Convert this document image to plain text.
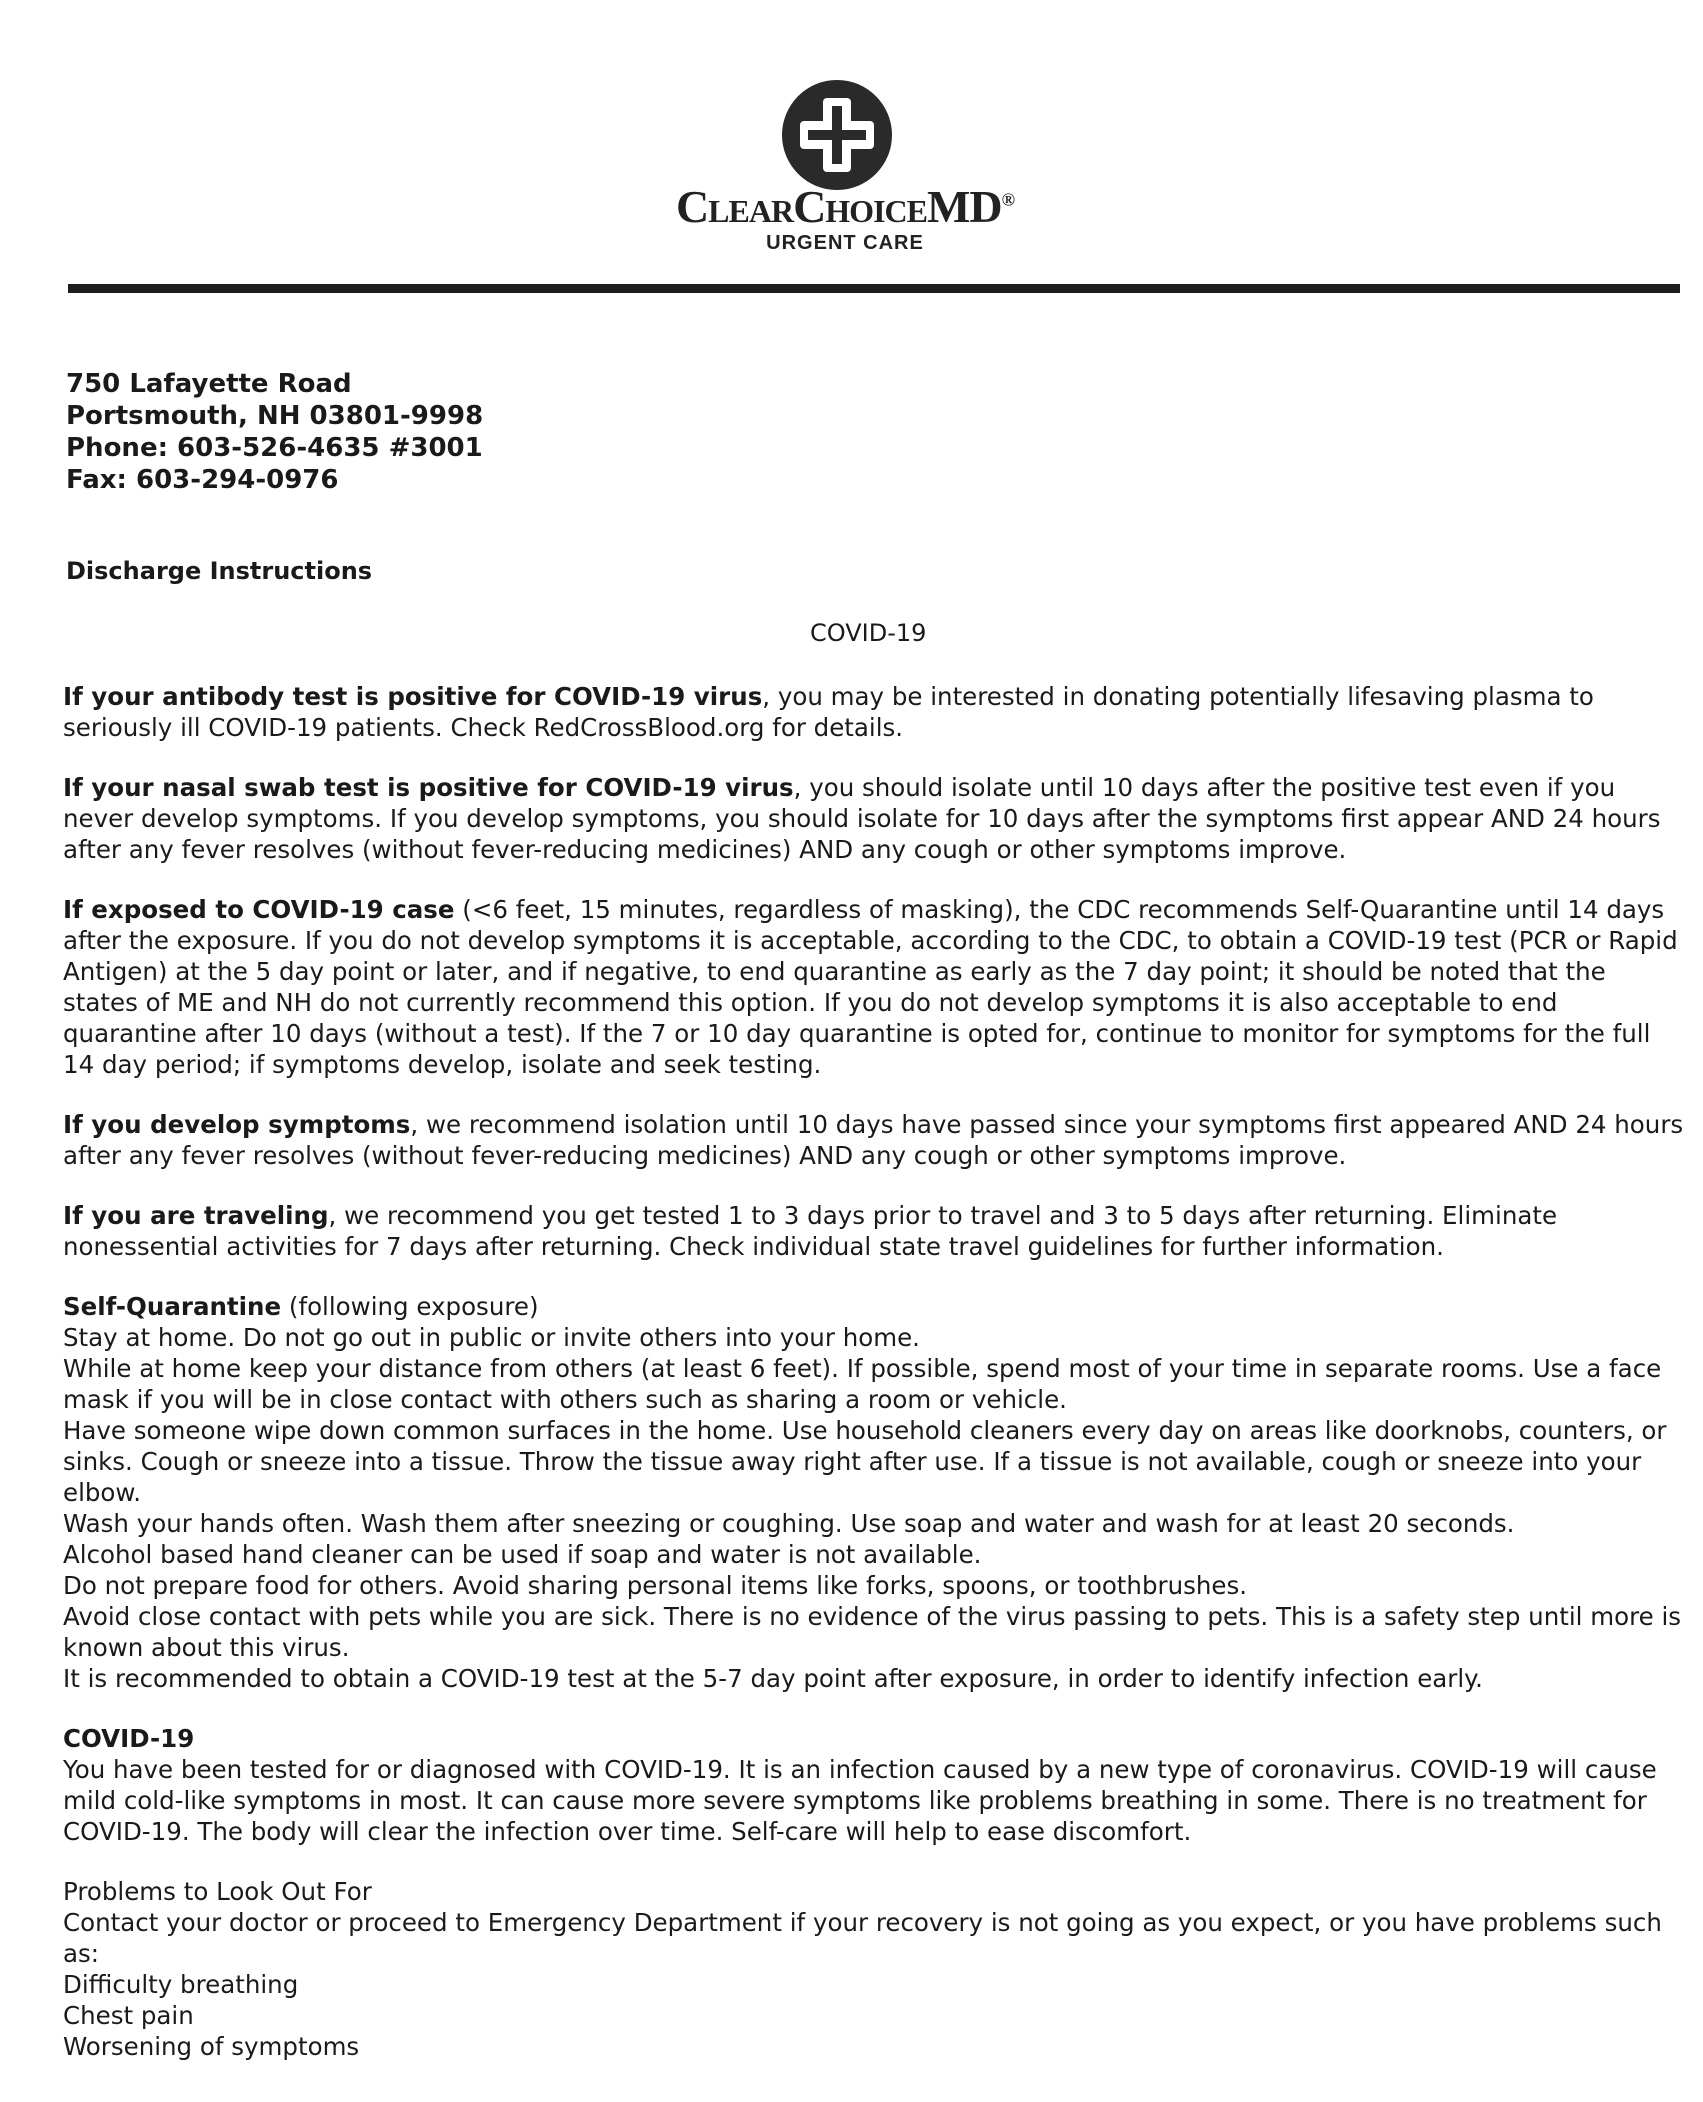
ClearChoiceMD®
URGENT CARE
750 Lafayette Road
Portsmouth, NH 03801-9998
Phone: 603-526-4635 #3001
Fax: 603-294-0976
Discharge Instructions
COVID-19

If your antibody test is positive for COVID-19 virus, you may be interested in donating potentially lifesaving plasma to seriously ill COVID-19 patients. Check RedCrossBlood.org for details.

If your nasal swab test is positive for COVID-19 virus, you should isolate until 10 days after the positive test even if you never develop symptoms. If you develop symptoms, you should isolate for 10 days after the symptoms first appear AND 24 hours after any fever resolves (without fever-reducing medicines) AND any cough or other symptoms improve.

If exposed to COVID-19 case (<6 feet, 15 minutes, regardless of masking), the CDC recommends Self-Quarantine until 14 days after the exposure. If you do not develop symptoms it is acceptable, according to the CDC, to obtain a COVID-19 test (PCR or Rapid Antigen) at the 5 day point or later, and if negative, to end quarantine as early as the 7 day point; it should be noted that the states of ME and NH do not currently recommend this option. If you do not develop symptoms it is also acceptable to end quarantine after 10 days (without a test). If the 7 or 10 day quarantine is opted for, continue to monitor for symptoms for the full 14 day period; if symptoms develop, isolate and seek testing.

If you develop symptoms, we recommend isolation until 10 days have passed since your symptoms first appeared AND 24 hours after any fever resolves (without fever-reducing medicines) AND any cough or other symptoms improve.

If you are traveling, we recommend you get tested 1 to 3 days prior to travel and 3 to 5 days after returning. Eliminate nonessential activities for 7 days after returning. Check individual state travel guidelines for further information.

Self-Quarantine (following exposure)
Stay at home. Do not go out in public or invite others into your home.
While at home keep your distance from others (at least 6 feet). If possible, spend most of your time in separate rooms. Use a face mask if you will be in close contact with others such as sharing a room or vehicle.
Have someone wipe down common surfaces in the home. Use household cleaners every day on areas like doorknobs, counters, or sinks. Cough or sneeze into a tissue. Throw the tissue away right after use. If a tissue is not available, cough or sneeze into your elbow.
Wash your hands often. Wash them after sneezing or coughing. Use soap and water and wash for at least 20 seconds.
Alcohol based hand cleaner can be used if soap and water is not available.
Do not prepare food for others. Avoid sharing personal items like forks, spoons, or toothbrushes.
Avoid close contact with pets while you are sick. There is no evidence of the virus passing to pets. This is a safety step until more is known about this virus.
It is recommended to obtain a COVID-19 test at the 5-7 day point after exposure, in order to identify infection early.
COVID-19
You have been tested for or diagnosed with COVID-19. It is an infection caused by a new type of coronavirus. COVID-19 will cause mild cold-like symptoms in most. It can cause more severe symptoms like problems breathing in some. There is no treatment for COVID-19. The body will clear the infection over time. Self-care will help to ease discomfort.
Problems to Look Out For
Contact your doctor or proceed to Emergency Department if your recovery is not going as you expect, or you have problems such as:
Difficulty breathing
Chest pain
Worsening of symptoms
